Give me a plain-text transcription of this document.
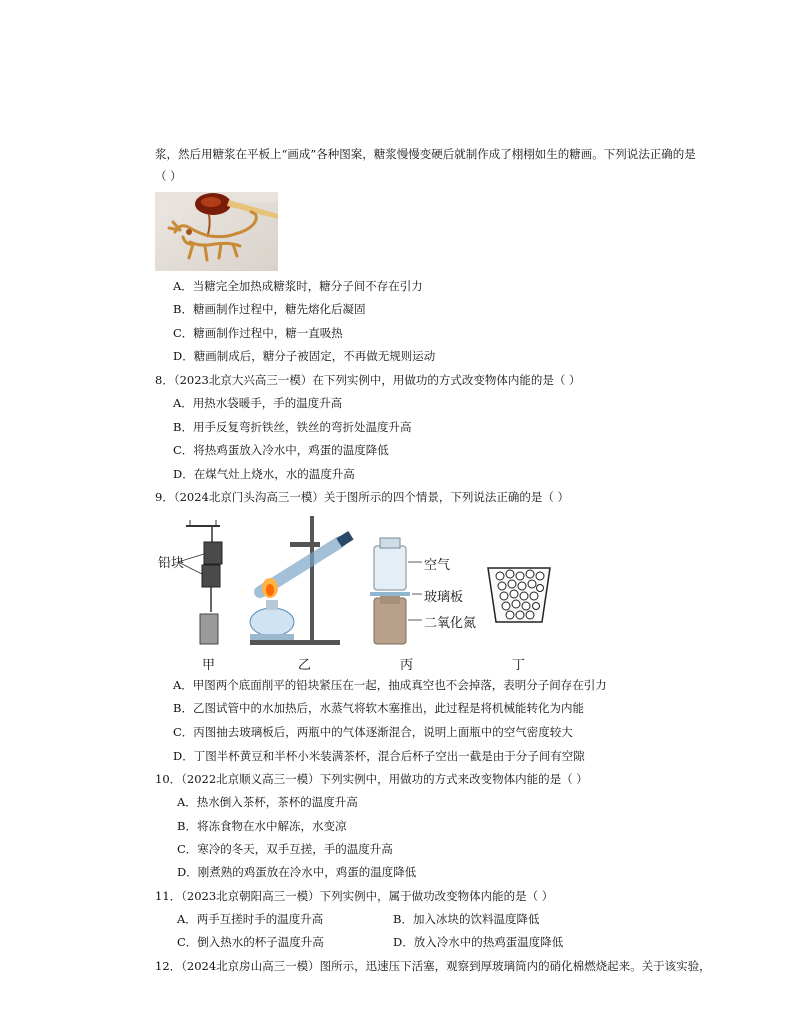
浆，然后用糖浆在平板上“画成”各种图案，糖浆慢慢变硬后就制作成了栩栩如生的糖画。下列说法正确的是
（ ）
A．当糖完全加热成糖浆时，糖分子间不存在引力
B．糖画制作过程中，糖先熔化后凝固
C．糖画制作过程中，糖一直吸热
D．糖画制成后，糖分子被固定，不再做无规则运动
8．（2023北京大兴高三一模）在下列实例中，用做功的方式改变物体内能的是（ ）
A．用热水袋暖手，手的温度升高
B．用手反复弯折铁丝，铁丝的弯折处温度升高
C．将热鸡蛋放入冷水中，鸡蛋的温度降低
D．在煤气灶上烧水，水的温度升高
9．（2024北京门头沟高三一模）关于图所示的四个情景，下列说法正确的是（ ）
铅块	空气
玻璃板
二氧化氮
甲	乙	丙	丁
A．甲图两个底面削平的铅块紧压在一起，抽成真空也不会掉落，表明分子间存在引力
B．乙图试管中的水加热后，水蒸气将软木塞推出，此过程是将机械能转化为内能
C．丙图抽去玻璃板后，两瓶中的气体逐渐混合，说明上面瓶中的空气密度较大
D．丁图半杯黄豆和半杯小米装满茶杯，混合后杯子空出一截是由于分子间有空隙
10．（2022北京顺义高三一模）下列实例中，用做功的方式来改变物体内能的是（ ）
A．热水倒入茶杯，茶杯的温度升高
B．将冻食物在水中解冻，水变凉
C．寒冷的冬天，双手互搓，手的温度升高
D．刚煮熟的鸡蛋放在冷水中，鸡蛋的温度降低
11．（2023北京朝阳高三一模）下列实例中，属于做功改变物体内能的是（ ）
A．两手互搓时手的温度升高	B．加入冰块的饮料温度降低
C．倒入热水的杯子温度升高	D．放入冷水中的热鸡蛋温度降低
12．（2024北京房山高三一模）图所示，迅速压下活塞，观察到厚玻璃筒内的硝化棉燃烧起来。关于该实验，
